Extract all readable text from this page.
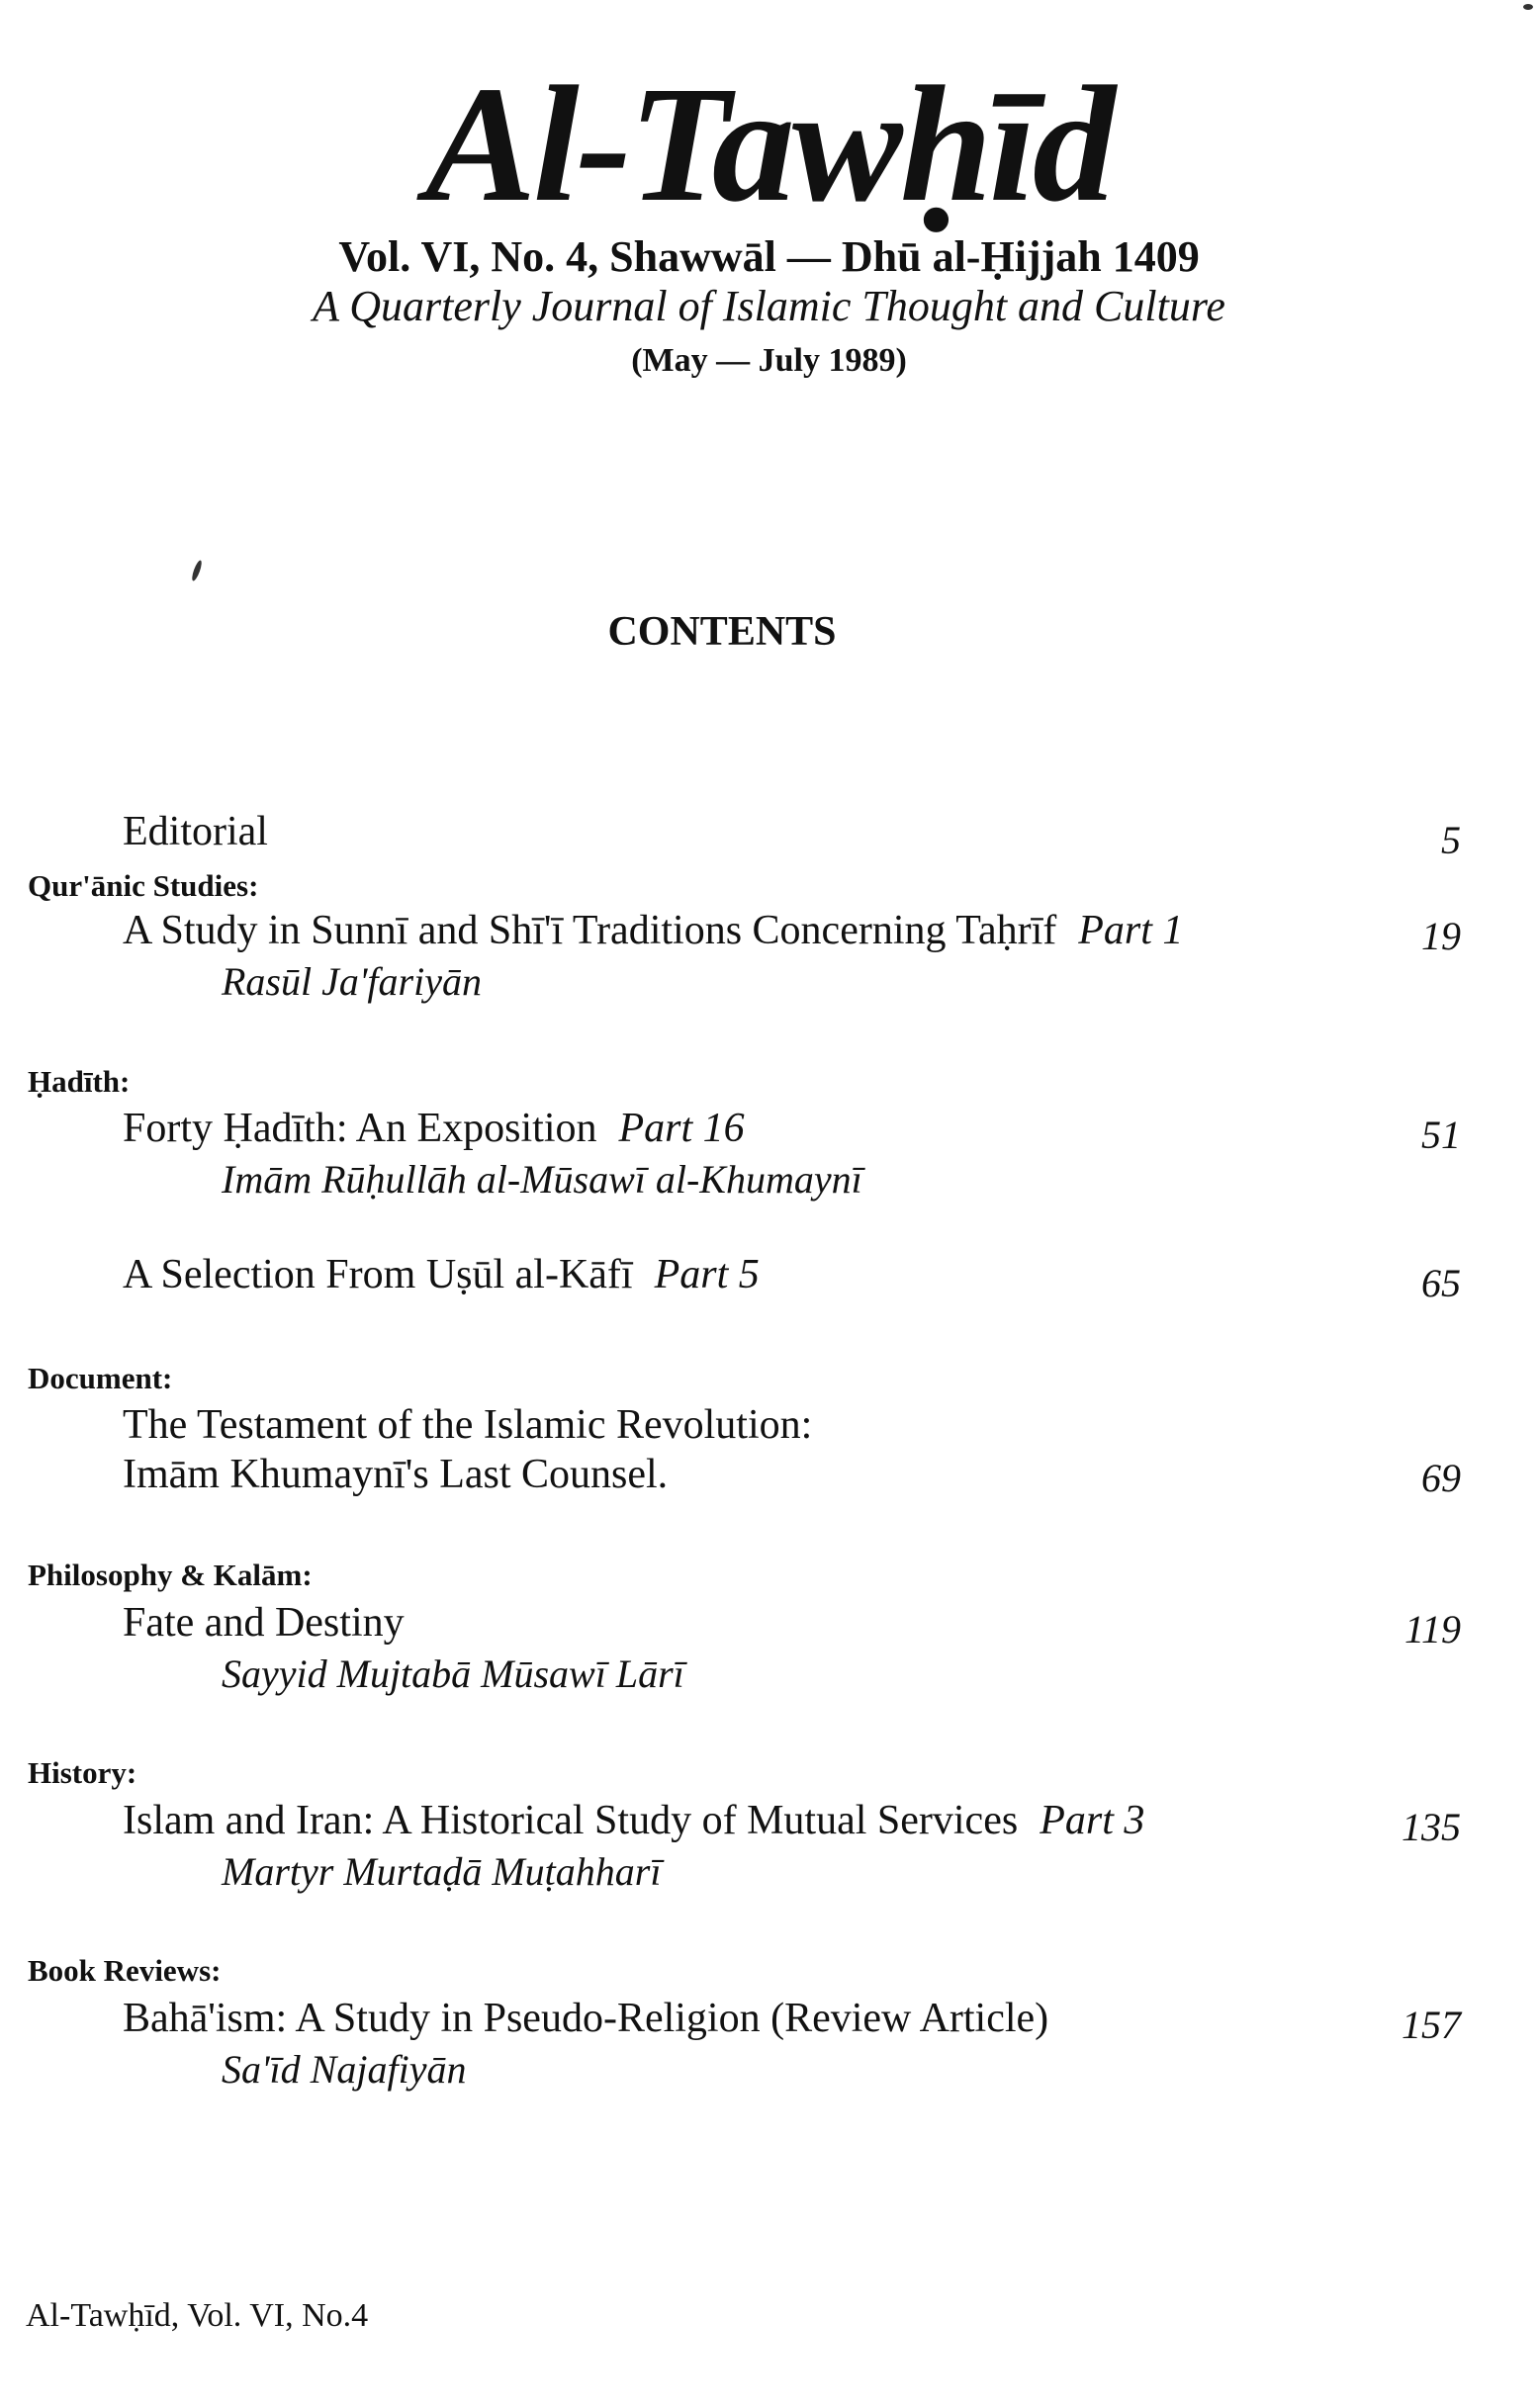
Al-Tawḥīd
Vol. VI, No. 4, Shawwāl — Dhū al-Ḥijjah 1409
A Quarterly Journal of Islamic Thought and Culture
(May — July 1989)
CONTENTS
Editorial	5
Qur'ānic Studies:
A Study in Sunnī and Shī'ī Traditions Concerning Taḥrīf Part 1	19
Rasūl Ja'fariyān
Ḥadīth:
Forty Ḥadīth: An Exposition Part 16	51
Imām Rūḥullāh al-Mūsawī al-Khumaynī
A Selection From Uṣūl al-Kāfī Part 5	65
Document:
The Testament of the Islamic Revolution:
Imām Khumaynī's Last Counsel.	69
Philosophy & Kalām:
Fate and Destiny	119
Sayyid Mujtabā Mūsawī Lārī
History:
Islam and Iran: A Historical Study of Mutual Services Part 3	135
Martyr Murtaḍā Muṭahharī
Book Reviews:
Bahā'ism: A Study in Pseudo-Religion (Review Article)	157
Sa'īd Najafiyān
Al-Tawḥīd, Vol. VI, No.4
